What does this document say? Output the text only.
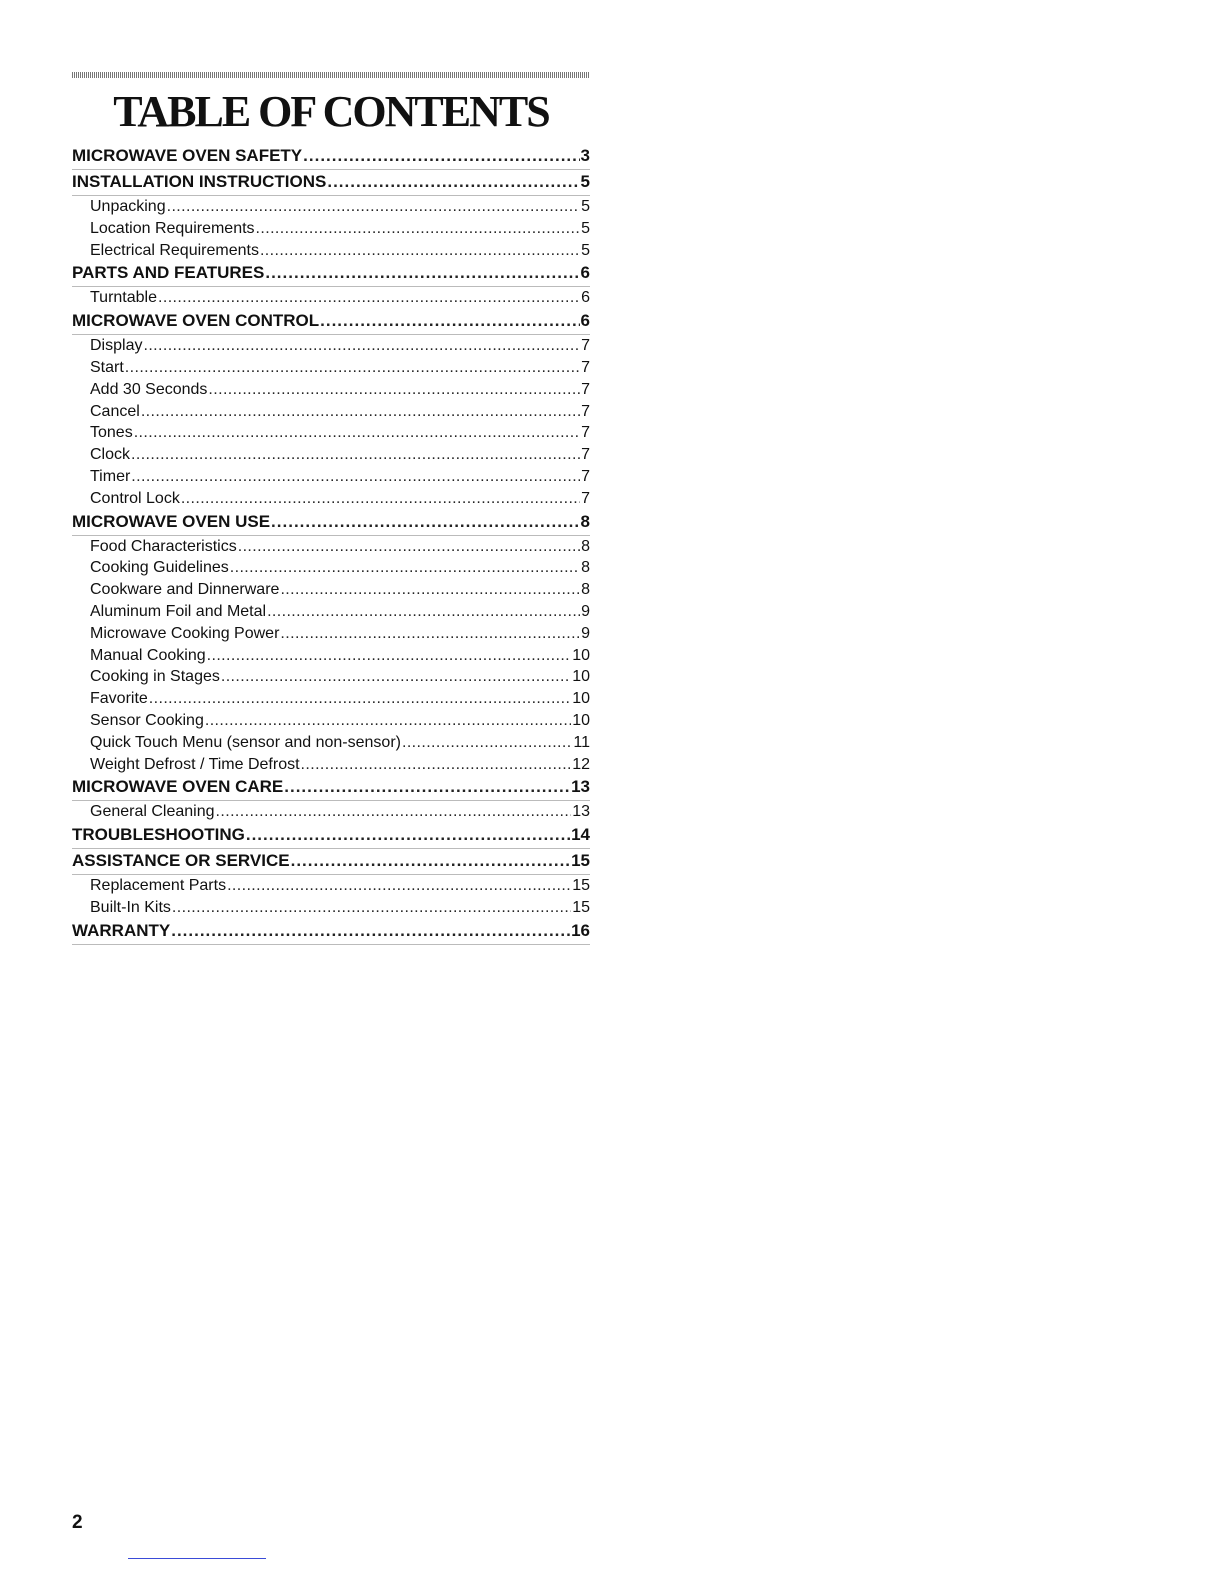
TABLE OF CONTENTS
MICROWAVE OVEN SAFETY .....	3
INSTALLATION INSTRUCTIONS .....	5
Unpacking .....	5
Location Requirements .....	5
Electrical Requirements .....	5
PARTS AND FEATURES .....	6
Turntable .....	6
MICROWAVE OVEN CONTROL .....	6
Display .....	7
Start .....	7
Add 30 Seconds .....	7
Cancel .....	7
Tones .....	7
Clock .....	7
Timer .....	7
Control Lock .....	7
MICROWAVE OVEN USE .....	8
Food Characteristics .....	8
Cooking Guidelines .....	8
Cookware and Dinnerware .....	8
Aluminum Foil and Metal .....	9
Microwave Cooking Power .....	9
Manual Cooking .....	10
Cooking in Stages .....	10
Favorite .....	10
Sensor Cooking .....	10
Quick Touch Menu (sensor and non-sensor) .....	11
Weight Defrost / Time Defrost .....	12
MICROWAVE OVEN CARE .....	13
General Cleaning .....	13
TROUBLESHOOTING .....	14
ASSISTANCE OR SERVICE .....	15
Replacement Parts .....	15
Built-In Kits .....	15
WARRANTY .....	16
2
